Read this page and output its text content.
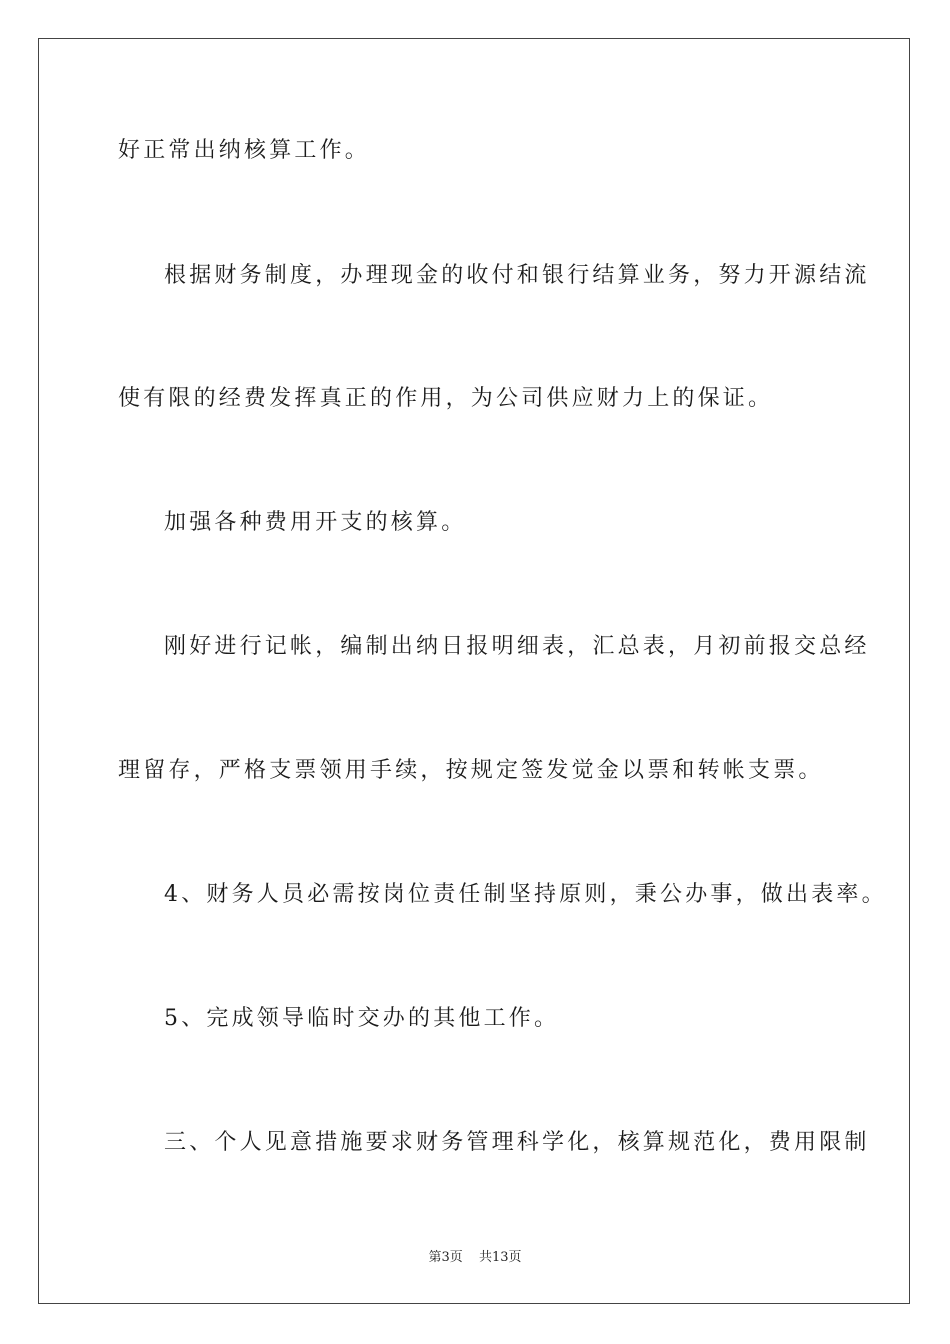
好正常出纳核算工作。
根据财务制度，办理现金的收付和银行结算业务，努力开源结流
使有限的经费发挥真正的作用，为公司供应财力上的保证。
加强各种费用开支的核算。
刚好进行记帐，编制出纳日报明细表，汇总表，月初前报交总经
理留存，严格支票领用手续，按规定签发觉金以票和转帐支票。
4、财务人员必需按岗位责任制坚持原则，秉公办事，做出表率。
5、完成领导临时交办的其他工作。
三、个人见意措施要求财务管理科学化，核算规范化，费用限制
第3页 共13页
